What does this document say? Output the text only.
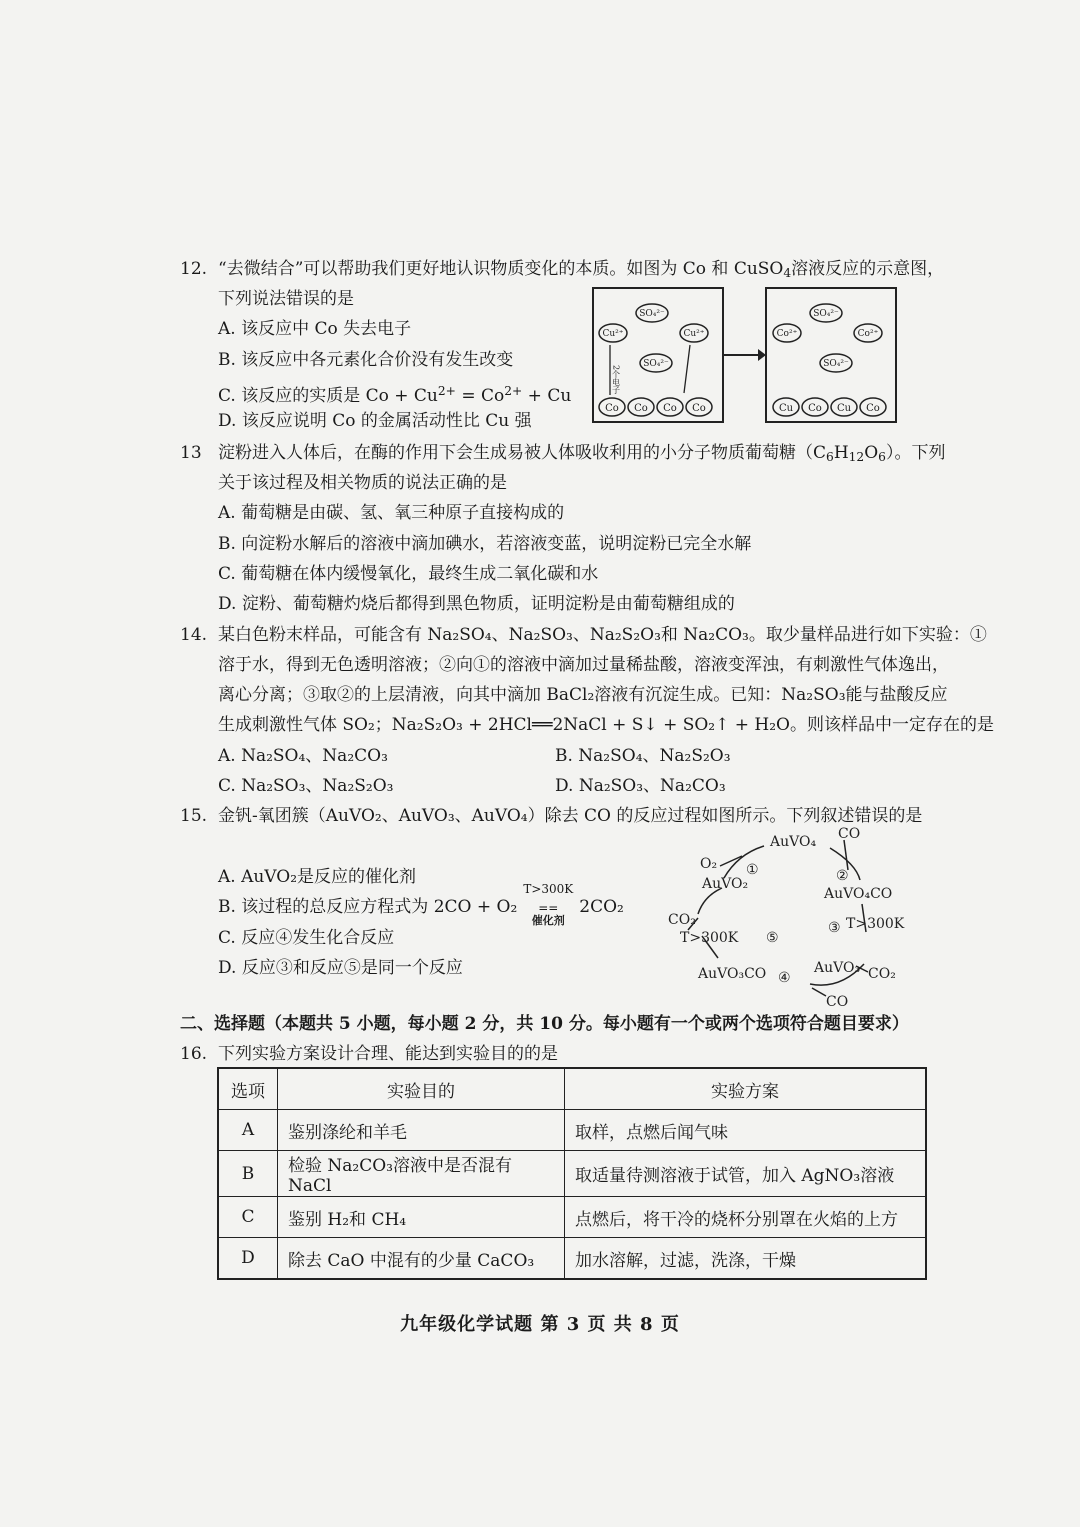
12. “去微结合”可以帮助我们更好地认识物质变化的本质。如图为 Co 和 CuSO$_4$溶液反应的示意图，
下列说法错误的是
A. 该反应中 Co 失去电子
B. 该反应中各元素化合价没有发生改变
C. 该反应的实质是 $Co + Cu^{2+} = Co^{2+} + Cu$
D. 该反应说明 Co 的金属活动性比 Cu 强
SO₄²⁻
Cu²⁺	Cu²⁺
SO₄²⁻
2个电子
Co Co Co Co
SO₄²⁻
Co²⁺	Co²⁺
SO₄²⁻
Cu Co Cu Co
13 淀粉进入人体后，在酶的作用下会生成易被人体吸收利用的小分子物质葡萄糖$(C_6H_{12}O_6)$。下列
关于该过程及相关物质的说法正确的是
A. 葡萄糖是由碳、氢、氧三种原子直接构成的
B. 向淀粉水解后的溶液中滴加碘水，若溶液变蓝，说明淀粉已完全水解
C. 葡萄糖在体内缓慢氧化，最终生成二氧化碳和水
D. 淀粉、葡萄糖灼烧后都得到黑色物质，证明淀粉是由葡萄糖组成的
14. 某白色粉末样品，可能含有 Na₂SO₄、Na₂SO₃、Na₂S₂O₃和 Na₂CO₃。取少量样品进行如下实验：①
溶于水，得到无色透明溶液；②向①的溶液中滴加过量稀盐酸，溶液变浑浊，有刺激性气体逸出，
离心分离；③取②的上层清液，向其中滴加 BaCl₂溶液有沉淀生成。已知：Na₂SO₃能与盐酸反应
生成刺激性气体 SO₂；Na₂S₂O₃ + 2HCl══2NaCl + S↓ + SO₂↑ + H₂O。则该样品中一定存在的是
A. Na₂SO₄、Na₂CO₃	B. Na₂SO₄、Na₂S₂O₃
C. Na₂SO₃、Na₂S₂O₃	D. Na₂SO₃、Na₂CO₃
15. 金钒-氧团簇（AuVO₂、AuVO₃、AuVO₄）除去 CO 的反应过程如图所示。下列叙述错误的是
A. AuVO₂是反应的催化剂
B. 该过程的总反应方程式为 2CO + O₂
T>300K
==
催化剂
2CO₂
C. 反应④发生化合反应
D. 反应③和反应⑤是同一个反应
AuVO₄ CO
O₂ ①
AuVO₂	②
AuVO₄CO
CO₂	③ T>300K
T>300K ⑤
AuVO₃CO ④
AuVO₃ CO₂
CO
二、选择题（本题共 5 小题，每小题 2 分，共 10 分。每小题有一个或两个选项符合题目要求）
16. 下列实验方案设计合理、能达到实验目的的是
选项	实验目的	实验方案
A	鉴别涤纶和羊毛	取样，点燃后闻气味
B	检验 Na₂CO₃溶液中是否混有 NaCl	取适量待测溶液于试管，加入 AgNO₃溶液
C	鉴别 H₂和 CH₄	点燃后，将干冷的烧杯分别罩在火焰的上方
D	除去 CaO 中混有的少量 CaCO₃	加水溶解，过滤，洗涤，干燥
九年级化学试题 第 3 页 共 8 页
